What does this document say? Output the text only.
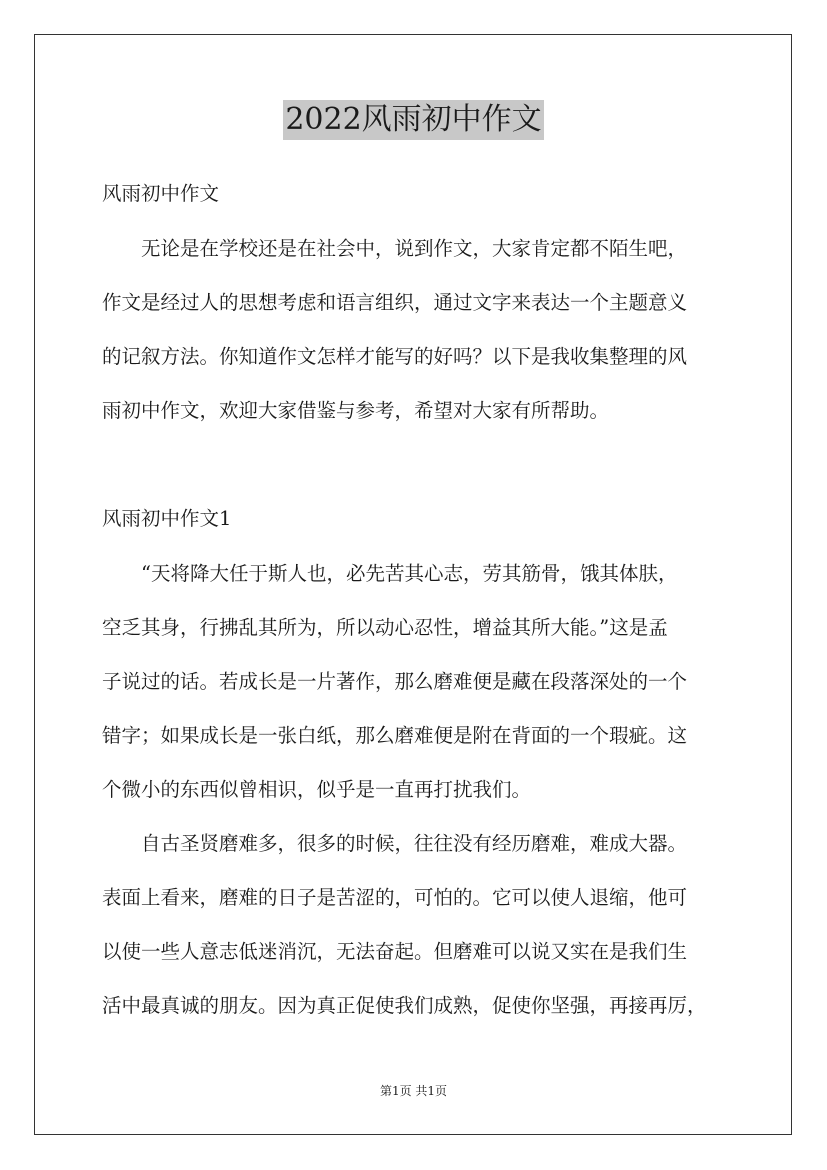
2022风雨初中作文
风雨初中作文
无论是在学校还是在社会中，说到作文，大家肯定都不陌生吧，
作文是经过人的思想考虑和语言组织，通过文字来表达一个主题意义
的记叙方法。你知道作文怎样才能写的好吗？以下是我收集整理的风
雨初中作文，欢迎大家借鉴与参考，希望对大家有所帮助。
风雨初中作文1
“天将降大任于斯人也，必先苦其心志，劳其筋骨，饿其体肤，
空乏其身，行拂乱其所为，所以动心忍性，增益其所大能。”这是孟
子说过的话。若成长是一片著作，那么磨难便是藏在段落深处的一个
错字；如果成长是一张白纸，那么磨难便是附在背面的一个瑕疵。这
个微小的东西似曾相识，似乎是一直再打扰我们。
自古圣贤磨难多，很多的时候，往往没有经历磨难，难成大器。
表面上看来，磨难的日子是苦涩的，可怕的。它可以使人退缩，他可
以使一些人意志低迷消沉，无法奋起。但磨难可以说又实在是我们生
活中最真诚的朋友。因为真正促使我们成熟，促使你坚强，再接再厉，
第1页 共1页
